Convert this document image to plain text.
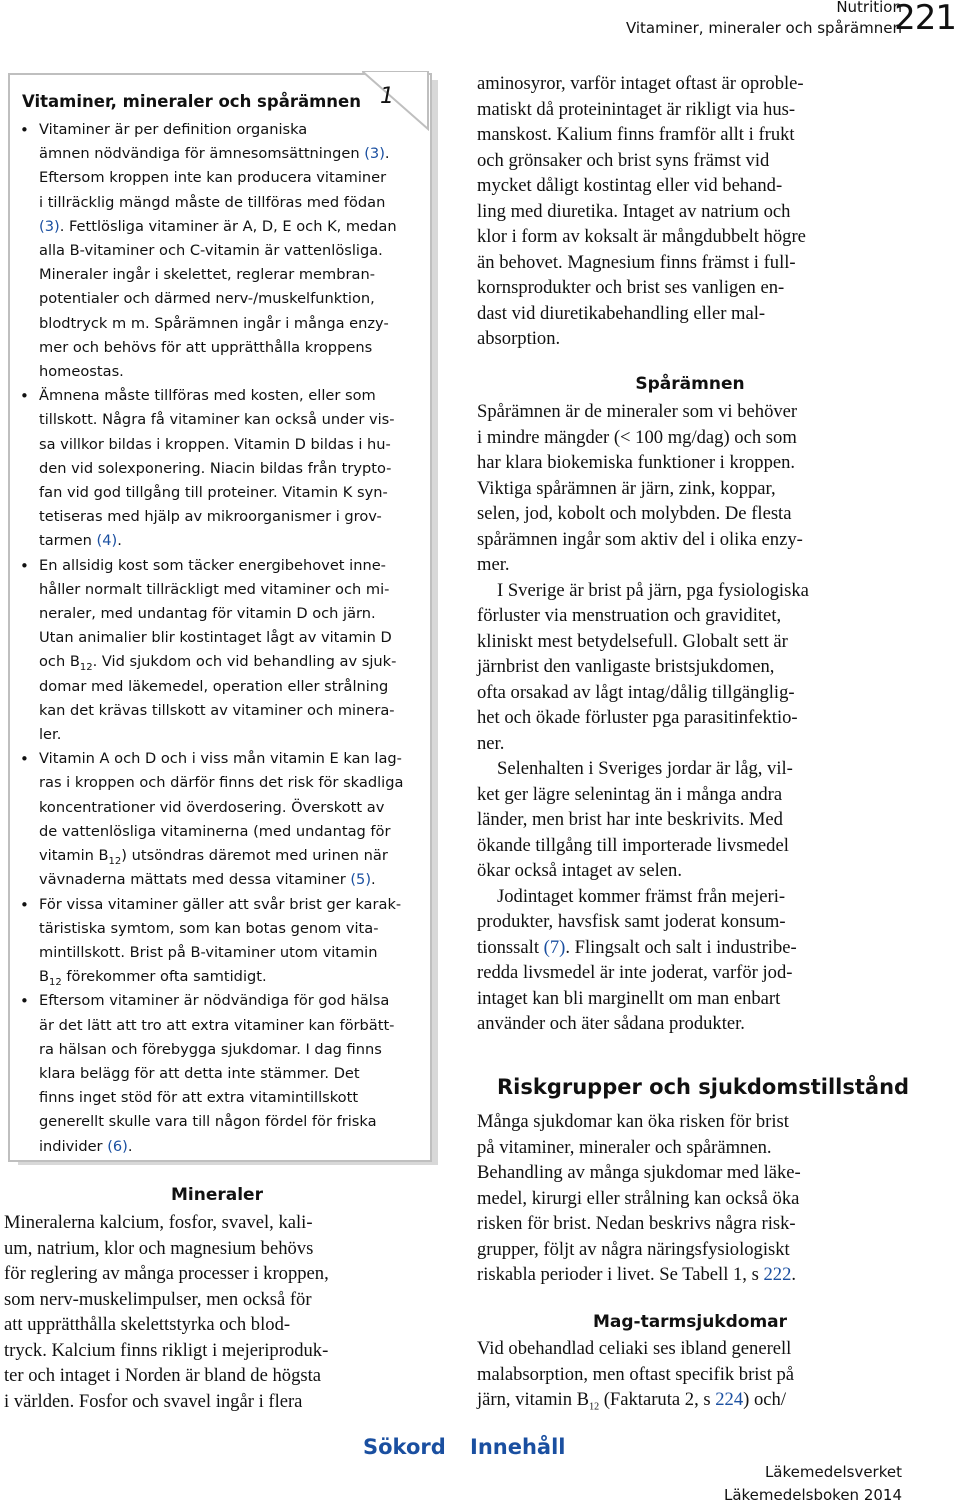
Nutrition
Vitaminer, mineraler och spårämnen
221
1
Vitaminer, mineraler och spårämnen
• Vitaminer är per definition organiska
ämnen nödvändiga för ämnesomsättningen (3).
Eftersom kroppen inte kan producera vitaminer
i tillräcklig mängd måste de tillföras med födan
(3). Fettlösliga vitaminer är A, D, E och K, medan
alla B-vitaminer och C-vitamin är vattenlösliga.
Mineraler ingår i skelettet, reglerar membran-
potentialer och därmed nerv-/muskelfunktion,
blodtryck m m. Spårämnen ingår i många enzy-
mer och behövs för att upprätthålla kroppens
homeostas.
• Ämnena måste tillföras med kosten, eller som
tillskott. Några få vitaminer kan också under vis-
sa villkor bildas i kroppen. Vitamin D bildas i hu-
den vid solexponering. Niacin bildas från trypto-
fan vid god tillgång till proteiner. Vitamin K syn-
tetiseras med hjälp av mikroorganismer i grov-
tarmen (4).
• En allsidig kost som täcker energibehovet inne-
håller normalt tillräckligt med vitaminer och mi-
neraler, med undantag för vitamin D och järn.
Utan animalier blir kostintaget lågt av vitamin D
och $B_{12}$. Vid sjukdom och vid behandling av sjuk-
domar med läkemedel, operation eller strålning
kan det krävas tillskott av vitaminer och minera-
ler.
• Vitamin A och D och i viss mån vitamin E kan lag-
ras i kroppen och därför finns det risk för skadliga
koncentrationer vid överdosering. Överskott av
de vattenlösliga vitaminerna (med undantag för
vitamin $B_{12}$) utsöndras däremot med urinen när
vävnaderna mättats med dessa vitaminer (5).
• För vissa vitaminer gäller att svår brist ger karak-
täristiska symtom, som kan botas genom vita-
mintillskott. Brist på B-vitaminer utom vitamin
$B_{12}$ förekommer ofta samtidigt.
• Eftersom vitaminer är nödvändiga för god hälsa
är det lätt att tro att extra vitaminer kan förbätt-
ra hälsan och förebygga sjukdomar. I dag finns
klara belägg för att detta inte stämmer. Det
finns inget stöd för att extra vitamintillskott
generellt skulle vara till någon fördel för friska
individer (6).
Mineraler
Mineralerna kalcium, fosfor, svavel, kali-
um, natrium, klor och magnesium behövs
för reglering av många processer i kroppen,
som nerv-muskelimpulser, men också för
att upprätthålla skelettstyrka och blod-
tryck. Kalcium finns rikligt i mejeriproduk-
ter och intaget i Norden är bland de högsta
i världen. Fosfor och svavel ingår i flera
aminosyror, varför intaget oftast är oproble-
matiskt då proteinintaget är rikligt via hus-
manskost. Kalium finns framför allt i frukt
och grönsaker och brist syns främst vid
mycket dåligt kostintag eller vid behand-
ling med diuretika. Intaget av natrium och
klor i form av koksalt är mångdubbelt högre
än behovet. Magnesium finns främst i full-
kornsprodukter och brist ses vanligen en-
dast vid diuretikabehandling eller mal-
absorption.
Spårämnen
Spårämnen är de mineraler som vi behöver
i mindre mängder (< 100 mg/dag) och som
har klara biokemiska funktioner i kroppen.
Viktiga spårämnen är järn, zink, koppar,
selen, jod, kobolt och molybden. De flesta
spårämnen ingår som aktiv del i olika enzy-
mer.
I Sverige är brist på järn, pga fysiologiska
förluster via menstruation och graviditet,
kliniskt mest betydelsefull. Globalt sett är
järnbrist den vanligaste bristsjukdomen,
ofta orsakad av lågt intag/dålig tillgänglig-
het och ökade förluster pga parasitinfektio-
ner.
Selenhalten i Sveriges jordar är låg, vil-
ket ger lägre selenintag än i många andra
länder, men brist har inte beskrivits. Med
ökande tillgång till importerade livsmedel
ökar också intaget av selen.
Jodintaget kommer främst från mejeri-
produkter, havsfisk samt joderat konsum-
tionssalt (7). Flingsalt och salt i industribe-
redda livsmedel är inte joderat, varför jod-
intaget kan bli marginellt om man enbart
använder och äter sådana produkter.
Riskgrupper och sjukdomstillstånd
Många sjukdomar kan öka risken för brist
på vitaminer, mineraler och spårämnen.
Behandling av många sjukdomar med läke-
medel, kirurgi eller strålning kan också öka
risken för brist. Nedan beskrivs några risk-
grupper, följt av några näringsfysiologiskt
riskabla perioder i livet. Se Tabell 1, s 222.
Mag-tarmsjukdomar
Vid obehandlad celiaki ses ibland generell
malabsorption, men oftast specifik brist på
järn, vitamin $B_{12}$ (Faktaruta 2, s 224) och/
Sökord Innehåll
Läkemedelsverket
Läkemedelsboken 2014
